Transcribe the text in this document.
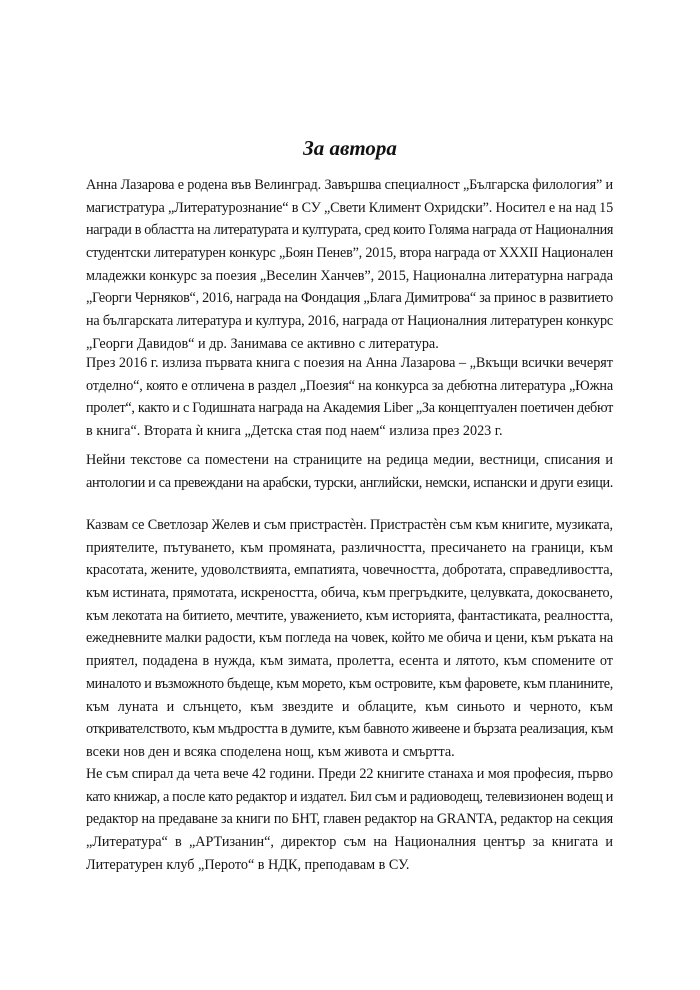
За автора

Анна Лазарова е родена във Велинград. Завършва специалност „Българска филология” и
магистратура „Литературознание“ в СУ „Свети Климент Охридски”. Носител е на над 15
награди в областта на литературата и културата, сред които Голяма награда от Националния
студентски литературен конкурс „Боян Пенев”, 2015, втора награда от XXXII Национален
младежки конкурс за поезия „Веселин Ханчев”, 2015, Национална литературна награда
„Георги Черняков“, 2016, награда на Фондация „Блага Димитрова“ за принос в развитието
на българската литература и култура, 2016, награда от Националния литературен конкурс
„Георги Давидов“ и др. Занимава се активно с литература.

През 2016 г. излиза първата книга с поезия на Анна Лазарова – „Вкъщи всички вечерят
отделно“, която е отличена в раздел „Поезия“ на конкурса за дебютна литература „Южна
пролет“, както и с Годишната награда на Академия Liber „За концептуален поетичен дебют
в книга“. Втората ѝ книга „Детска стая под наем“ излиза през 2023 г.

Нейни текстове са поместени на страниците на редица медии, вестници, списания и
антологии и са превеждани на арабски, турски, английски, немски, испански и други езици.

Казвам се Светлозар Желев и съм пристрастѐн. Пристрастѐн съм към книгите, музиката,
приятелите, пътуването, към промяната, различността, пресичането на граници, към
красотата, жените, удоволствията, емпатията, човечността, добротата, справедливостта,
към истината, прямотата, искреността, обича, към прегръдките, целувката, докосването,
към лекотата на битието, мечтите, уважението, към историята, фантастиката, реалността,
ежедневните малки радости, към погледа на човек, който ме обича и цени, към ръката на
приятел, подадена в нужда, към зимата, пролетта, есента и лятото, към спомените от
миналото и възможното бъдеще, към морето, към островите, към фаровете, към планините,
към луната и слънцето, към звездите и облаците, към синьото и черното, към
откривателството, към мъдростта в думите, към бавното живеене и бързата реализация, към
всеки нов ден и всяка споделена нощ, към живота и смъртта.

Не съм спирал да чета вече 42 години. Преди 22 книгите станаха и моя професия, първо
като книжар, а после като редактор и издател. Бил съм и радиоводещ, телевизионен водещ и
редактор на предаване за книги по БНТ, главен редактор на GRANTA, редактор на секция
„Литература“ в „АРТизанин“, директор съм на Националния център за книгата и
Литературен клуб „Перото“ в НДК, преподавам в СУ.
